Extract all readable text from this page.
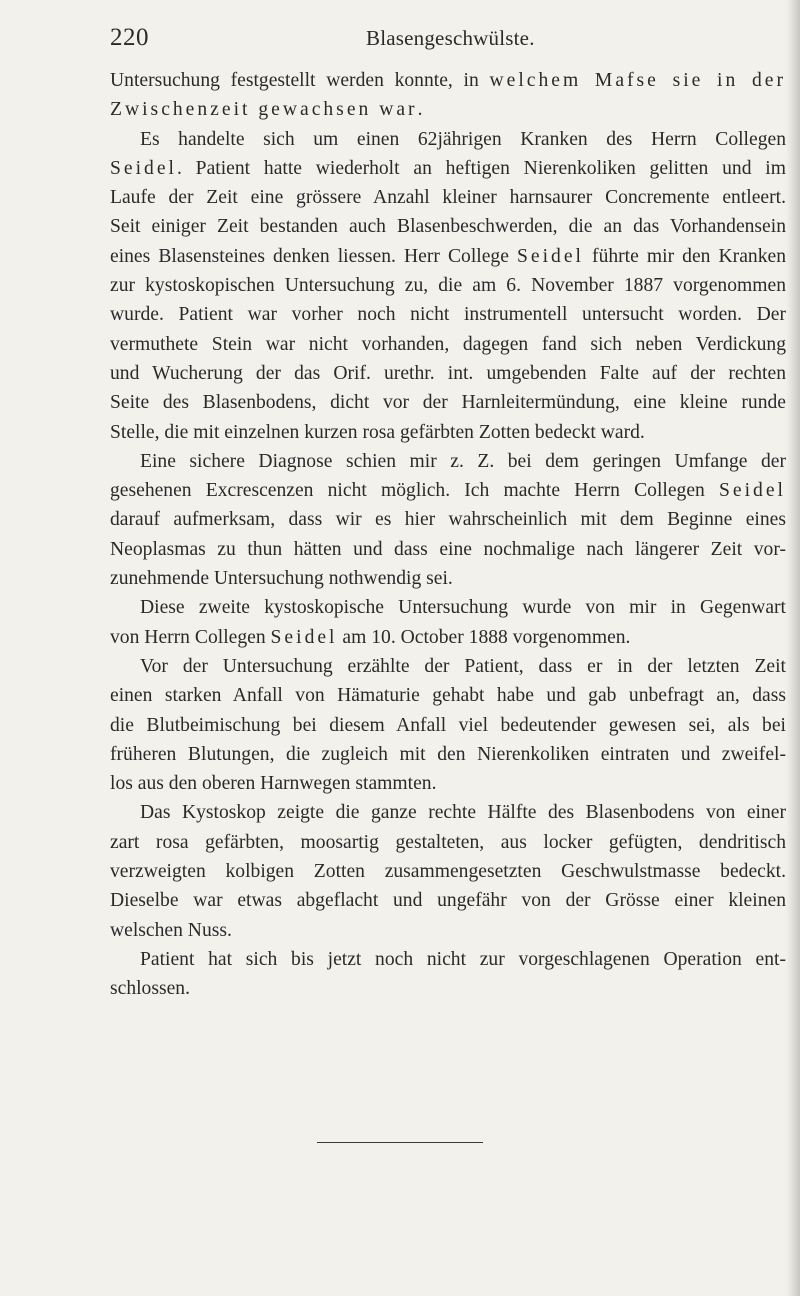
220	Blasengeschwülste.
Untersuchung festgestellt werden konnte, in welchem Mafse sie in der
Zwischenzeit gewachsen war.
Es handelte sich um einen 62jährigen Kranken des Herrn Collegen
Seidel. Patient hatte wiederholt an heftigen Nierenkoliken gelitten und im
Laufe der Zeit eine grössere Anzahl kleiner harnsaurer Concremente entleert.
Seit einiger Zeit bestanden auch Blasenbeschwerden, die an das Vorhandensein
eines Blasensteines denken liessen. Herr College Seidel führte mir den Kranken
zur kystoskopischen Untersuchung zu, die am 6. November 1887 vorgenommen
wurde. Patient war vorher noch nicht instrumentell untersucht worden. Der
vermuthete Stein war nicht vorhanden, dagegen fand sich neben Verdickung
und Wucherung der das Orif. urethr. int. umgebenden Falte auf der rechten
Seite des Blasenbodens, dicht vor der Harnleitermündung, eine kleine runde
Stelle, die mit einzelnen kurzen rosa gefärbten Zotten bedeckt ward.
Eine sichere Diagnose schien mir z. Z. bei dem geringen Umfange der
gesehenen Excrescenzen nicht möglich. Ich machte Herrn Collegen Seidel
darauf aufmerksam, dass wir es hier wahrscheinlich mit dem Beginne eines
Neoplasmas zu thun hätten und dass eine nochmalige nach längerer Zeit vor-
zunehmende Untersuchung nothwendig sei.
Diese zweite kystoskopische Untersuchung wurde von mir in Gegenwart
von Herrn Collegen Seidel am 10. October 1888 vorgenommen.
Vor der Untersuchung erzählte der Patient, dass er in der letzten Zeit
einen starken Anfall von Hämaturie gehabt habe und gab unbefragt an, dass
die Blutbeimischung bei diesem Anfall viel bedeutender gewesen sei, als bei
früheren Blutungen, die zugleich mit den Nierenkoliken eintraten und zweifel-
los aus den oberen Harnwegen stammten.
Das Kystoskop zeigte die ganze rechte Hälfte des Blasenbodens von einer
zart rosa gefärbten, moosartig gestalteten, aus locker gefügten, dendritisch
verzweigten kolbigen Zotten zusammengesetzten Geschwulstmasse bedeckt.
Dieselbe war etwas abgeflacht und ungefähr von der Grösse einer kleinen
welschen Nuss.
Patient hat sich bis jetzt noch nicht zur vorgeschlagenen Operation ent-
schlossen.
